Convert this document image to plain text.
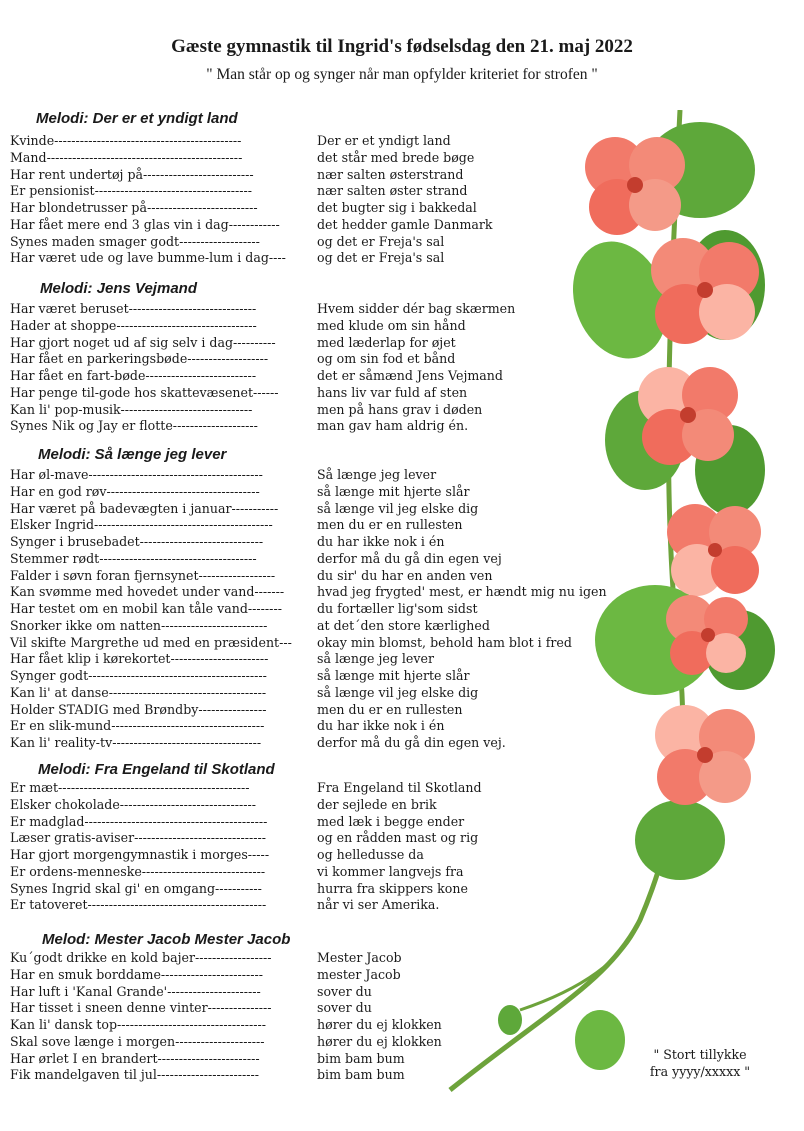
Gæste gymnastik til Ingrid's fødselsdag den 21. maj 2022
" Man står op og synger når man opfylder kriteriet for strofen "
Melodi: Der er et yndigt land
Kvinde--------------------------------------------	Der er et yndigt land
Mand----------------------------------------------	det står med brede bøge
Har rent undertøj på--------------------------	nær salten østerstrand
Er pensionist-------------------------------------	nær salten øster strand
Har blondetrusser på--------------------------	det bugter sig i bakkedal
Har fået mere end 3 glas vin i dag------------	det hedder gamle Danmark
Synes maden smager godt-------------------	og det er Freja's sal
Har været ude og lave bumme-lum i dag---- og det er Freja's sal
Melodi: Jens Vejmand
Har været beruset------------------------------	Hvem sidder dér bag skærmen
Hader at shoppe---------------------------------	med klude om sin hånd
Har gjort noget ud af sig selv i dag----------	med læderlap for øjet
Har fået en parkeringsbøde-------------------	og om sin fod et bånd
Har fået en fart-bøde--------------------------	det er såmænd Jens Vejmand
Har penge til-gode hos skattevæsenet------	hans liv var fuld af sten
Kan li' pop-musik-------------------------------	men på hans grav i døden
Synes Nik og Jay er flotte--------------------	man gav ham aldrig én.
Melodi: Så længe jeg lever
Har øl-mave-----------------------------------------	Så længe jeg lever
Har en god røv------------------------------------	så længe mit hjerte slår
Har været på badevægten i januar-----------	så længe vil jeg elske dig
Elsker Ingrid------------------------------------------	men du er en rullesten
Synger i brusebadet-----------------------------	du har ikke nok i én
Stemmer rødt-------------------------------------	derfor må du gå din egen vej
Falder i søvn foran fjernsynet------------------	du sir' du har en anden ven
Kan svømme med hovedet under vand-------	hvad jeg frygted' mest, er hændt mig nu igen
Har testet om en mobil kan tåle vand--------	du fortæller lig'som sidst
Snorker ikke om natten-------------------------	at det´den store kærlighed
Vil skifte Margrethe ud med en præsident--- okay min blomst, behold ham blot i fred
Har fået klip i kørekortet-----------------------	så længe jeg lever
Synger godt------------------------------------------	så længe mit hjerte slår
Kan li' at danse-------------------------------------	så længe vil jeg elske dig
Holder STADIG med Brøndby----------------	men du er en rullesten
Er en slik-mund------------------------------------	du har ikke nok i én
Kan li' reality-tv-----------------------------------	derfor må du gå din egen vej.
Melodi: Fra Engeland til Skotland
Er mæt---------------------------------------------	Fra Engeland til Skotland
Elsker chokolade--------------------------------	der sejlede en brik
Er madglad-------------------------------------------	med læk i begge ender
Læser gratis-aviser-------------------------------	og en rådden mast og rig
Har gjort morgengymnastik i morges-----	og helledusse da
Er ordens-menneske-----------------------------	vi kommer langvejs fra
Synes Ingrid skal gi' en omgang-----------	hurra fra skippers kone
Er tatoveret------------------------------------------	når vi ser Amerika.
Melod: Mester Jacob Mester Jacob
Ku´godt drikke en kold bajer------------------	Mester Jacob
Har en smuk borddame------------------------	mester Jacob
Har luft i 'Kanal Grande'----------------------	sover du
Har tisset i sneen denne vinter---------------	sover du
Kan li' dansk top-----------------------------------	hører du ej klokken
Skal sove længe i morgen---------------------	hører du ej klokken
Har ørlet I en brandert------------------------	bim bam bum
Fik mandelgaven til jul------------------------	bim bam bum
" Stort tillykke
fra yyyy/xxxxx "
